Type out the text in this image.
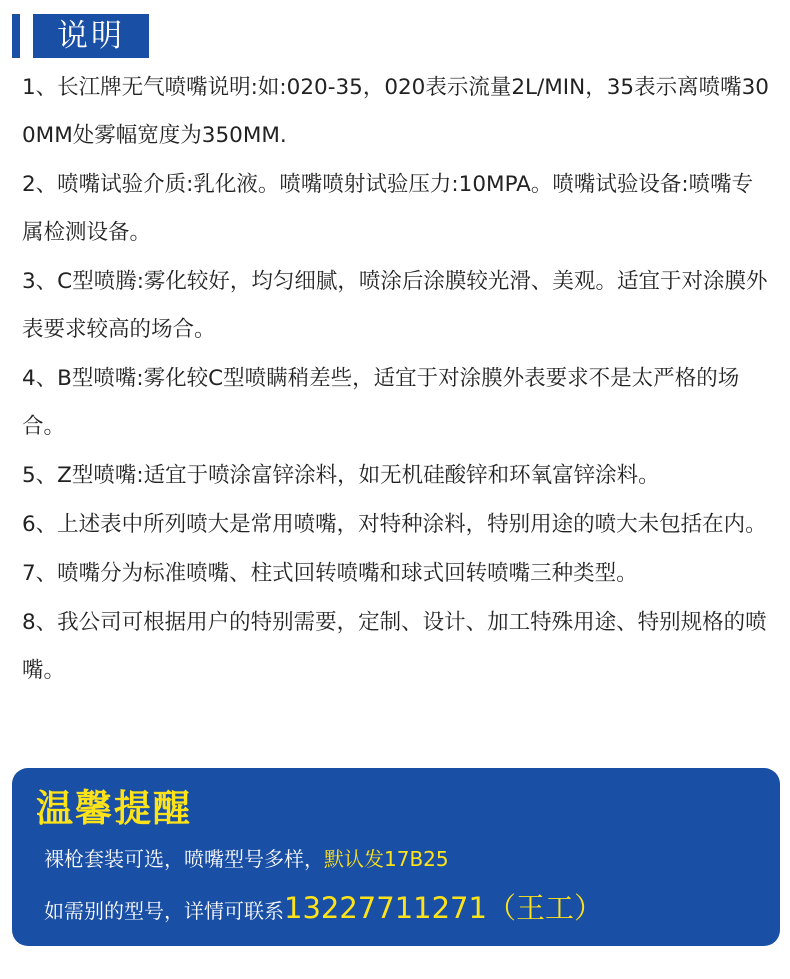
说明
1、长江牌无气喷嘴说明:如:020-35，020表示流量2L/MIN，35表示离喷嘴300MM处雾幅宽度为350MM.
2、喷嘴试验介质:乳化液。喷嘴喷射试验压力:10MPA。喷嘴试验设备:喷嘴专属检测设备。
3、C型喷腾:雾化较好，均匀细腻，喷涂后涂膜较光滑、美观。适宜于对涂膜外表要求较高的场合。
4、B型喷嘴:雾化较C型喷瞒稍差些，适宜于对涂膜外表要求不是太严格的场合。
5、Z型喷嘴:适宜于喷涂富锌涂料，如无机硅酸锌和环氧富锌涂料。
6、上述表中所列喷大是常用喷嘴，对特种涂料，特别用途的喷大未包括在内。
7、喷嘴分为标准喷嘴、柱式回转喷嘴和球式回转喷嘴三种类型。
8、我公司可根据用户的特别需要，定制、设计、加工特殊用途、特别规格的喷嘴。
温馨提醒
裸枪套装可选，喷嘴型号多样，默认发17B25
如需别的型号，详情可联系13227711271（王工）
